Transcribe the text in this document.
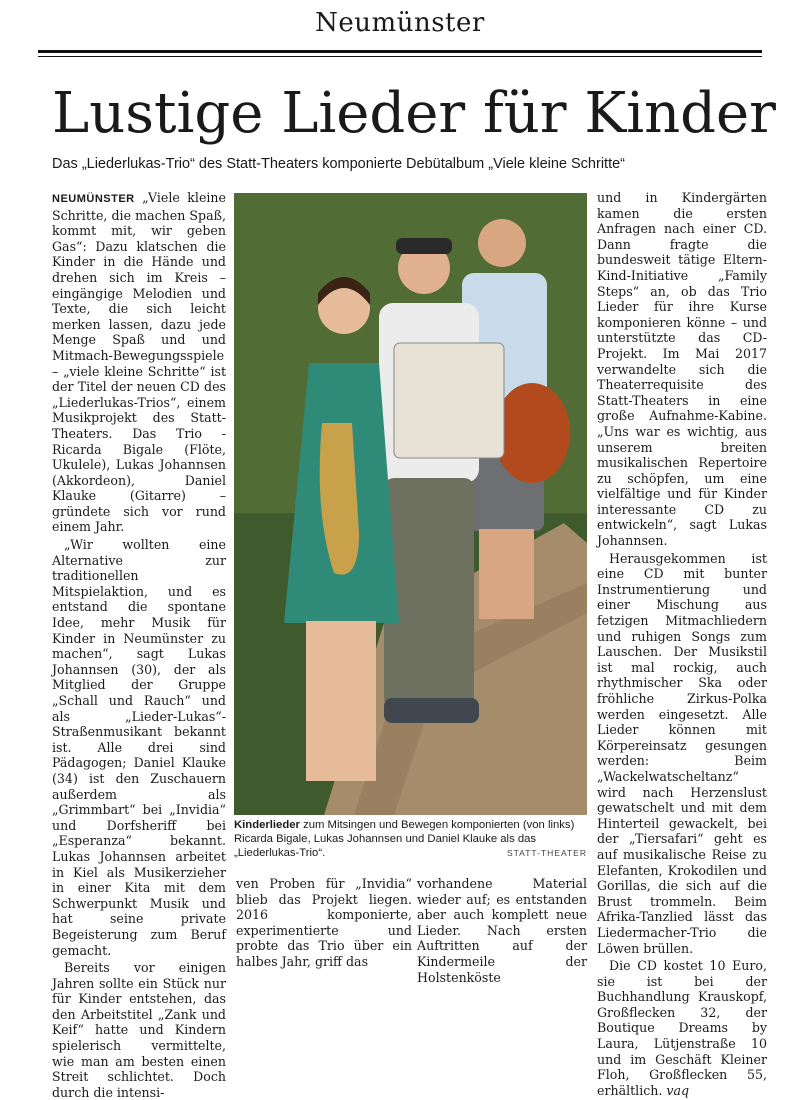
Neumünster
Lustige Lieder für Kinder
Das „Liederlukas-Trio“ des Statt-Theaters komponierte Debütalbum „Viele kleine Schritte“

NEUMÜNSTER „Viele kleine Schritte, die machen Spaß, kommt mit, wir geben Gas“: Dazu klatschen die Kinder in die Hände und drehen sich im Kreis – eingängige Melodien und Texte, die sich leicht merken lassen, dazu jede Menge Spaß und und Mitmach-Bewegungsspiele – „viele kleine Schritte“ ist der Titel der neuen CD des „Liederlukas-Trios“, einem Musikprojekt des Statt-Theaters. Das Trio - Ricarda Bigale (Flöte, Ukulele), Lukas Johannsen (Akkordeon), Daniel Klauke (Gitarre) – gründete sich vor rund einem Jahr.

„Wir wollten eine Alternative zur traditionellen Mitspielaktion, und es entstand die spontane Idee, mehr Musik für Kinder in Neumünster zu machen“, sagt Lukas Johannsen (30), der als Mitglied der Gruppe „Schall und Rauch“ und als „Lieder-Lukas“-Straßenmusikant bekannt ist. Alle drei sind Pädagogen; Daniel Klauke (34) ist den Zuschauern außerdem als „Grimmbart“ bei „Invidia“ und Dorfsheriff bei „Esperanza“ bekannt. Lukas Johannsen arbeitet in Kiel als Musikerzieher in einer Kita mit dem Schwerpunkt Musik und hat seine private Begeisterung zum Beruf gemacht.

Bereits vor einigen Jahren sollte ein Stück nur für Kinder entstehen, das den Arbeitstitel „Zank und Keif“ hatte und Kindern spielerisch vermittelte, wie man am besten einen Streit schlichtet. Doch durch die intensi-

Kinderlieder zum Mitsingen und Bewegen komponierten (von links) Ricarda Bigale, Lukas Johannsen und Daniel Klauke als das „Liederlukas-Trio“.	STATT-THEATER

ven Proben für „Invidia“ blieb das Projekt liegen. 2016 komponierte, experimentierte und probte das Trio über ein halbes Jahr, griff das

vorhandene Material wieder auf; es entstanden aber auch komplett neue Lieder. Nach ersten Auftritten auf der Kindermeile der Holstenköste

und in Kindergärten kamen die ersten Anfragen nach einer CD. Dann fragte die bundesweit tätige Eltern-Kind-Initiative „Family Steps“ an, ob das Trio Lieder für ihre Kurse komponieren könne – und unterstützte das CD-Projekt. Im Mai 2017 verwandelte sich die Theaterrequisite des Statt-Theaters in eine große Aufnahme-Kabine. „Uns war es wichtig, aus unserem breiten musikalischen Repertoire zu schöpfen, um eine vielfältige und für Kinder interessante CD zu entwickeln“, sagt Lukas Johannsen.

Herausgekommen ist eine CD mit bunter Instrumentierung und einer Mischung aus fetzigen Mitmachliedern und ruhigen Songs zum Lauschen. Der Musikstil ist mal rockig, auch rhythmischer Ska oder fröhliche Zirkus-Polka werden eingesetzt. Alle Lieder können mit Körpereinsatz gesungen werden: Beim „Wackelwatscheltanz“ wird nach Herzenslust gewatschelt und mit dem Hinterteil gewackelt, bei der „Tiersafari“ geht es auf musikalische Reise zu Elefanten, Krokodilen und Gorillas, die sich auf die Brust trommeln. Beim Afrika-Tanzlied lässt das Liedermacher-Trio die Löwen brüllen.

Die CD kostet 10 Euro, sie ist bei der Buchhandlung Krauskopf, Großflecken 32, der Boutique Dreams by Laura, Lütjenstraße 10 und im Geschäft Kleiner Floh, Großflecken 55, erhältlich. vaq
